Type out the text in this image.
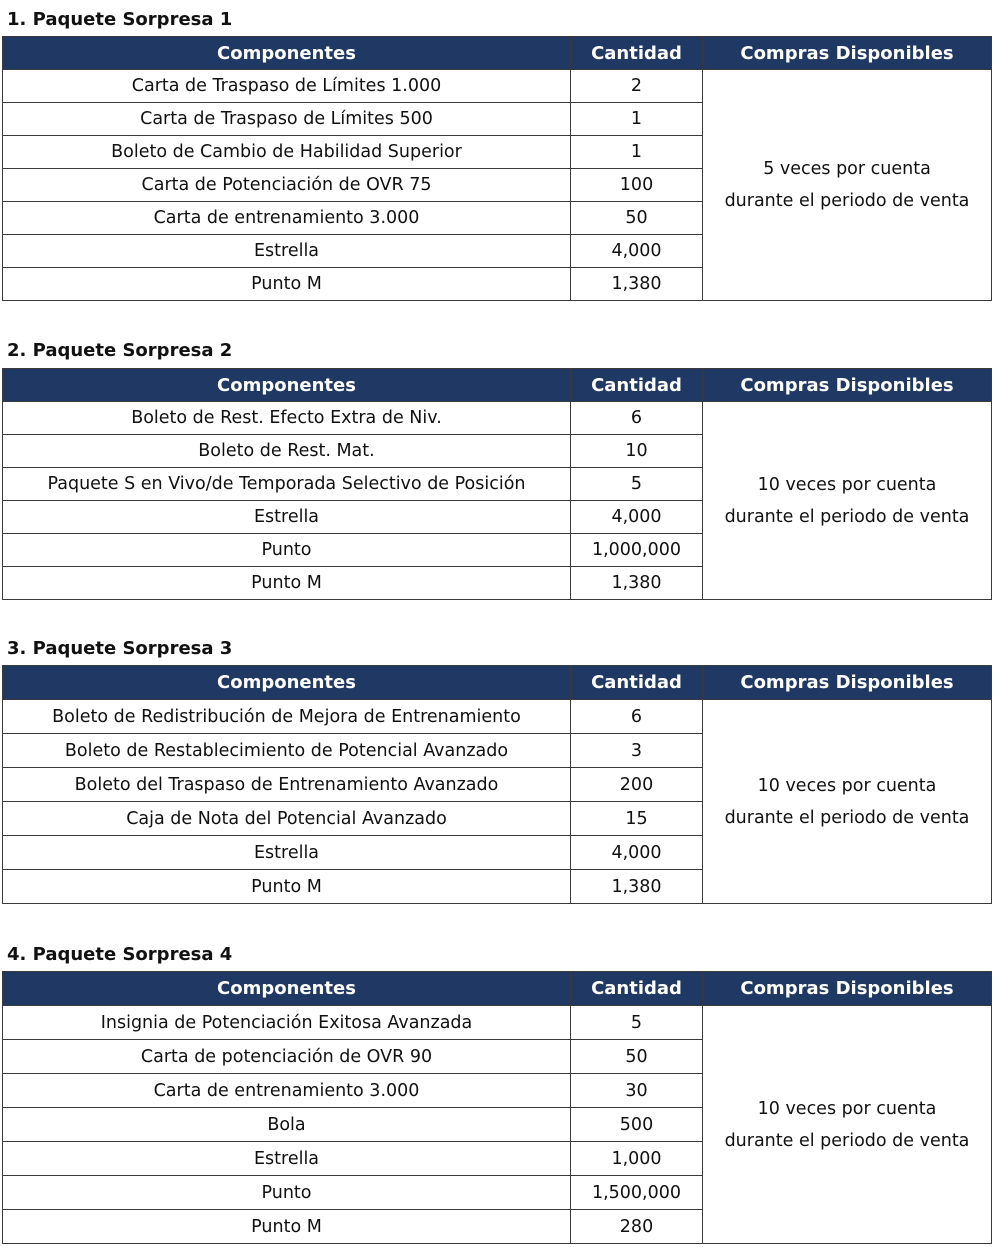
1. Paquete Sorpresa 1
Componentes	Cantidad	Compras Disponibles
Carta de Traspaso de Límites 1.000	2	5 veces por cuenta
durante el periodo de venta

Carta de Traspaso de Límites 500	1	
Boleto de Cambio de Habilidad Superior	1	
Carta de Potenciación de OVR 75	100	
Carta de entrenamiento 3.000	50	
Estrella	4,000	
Punto M	1,380	
2. Paquete Sorpresa 2
Componentes	Cantidad	Compras Disponibles
Boleto de Rest. Efecto Extra de Niv.	6	10 veces por cuenta
durante el periodo de venta

Boleto de Rest. Mat.	10	
Paquete S en Vivo/de Temporada Selectivo de Posición	5	
Estrella	4,000	
Punto	1,000,000	
Punto M	1,380	
3. Paquete Sorpresa 3
Componentes	Cantidad	Compras Disponibles
Boleto de Redistribución de Mejora de Entrenamiento	6	10 veces por cuenta
durante el periodo de venta

Boleto de Restablecimiento de Potencial Avanzado	3	
Boleto del Traspaso de Entrenamiento Avanzado	200	
Caja de Nota del Potencial Avanzado	15	
Estrella	4,000	
Punto M	1,380	
4. Paquete Sorpresa 4
Componentes	Cantidad	Compras Disponibles
Insignia de Potenciación Exitosa Avanzada	5	10 veces por cuenta
durante el periodo de venta

Carta de potenciación de OVR 90	50	
Carta de entrenamiento 3.000	30	
Bola	500	
Estrella	1,000	
Punto	1,500,000	
Punto M	280	
